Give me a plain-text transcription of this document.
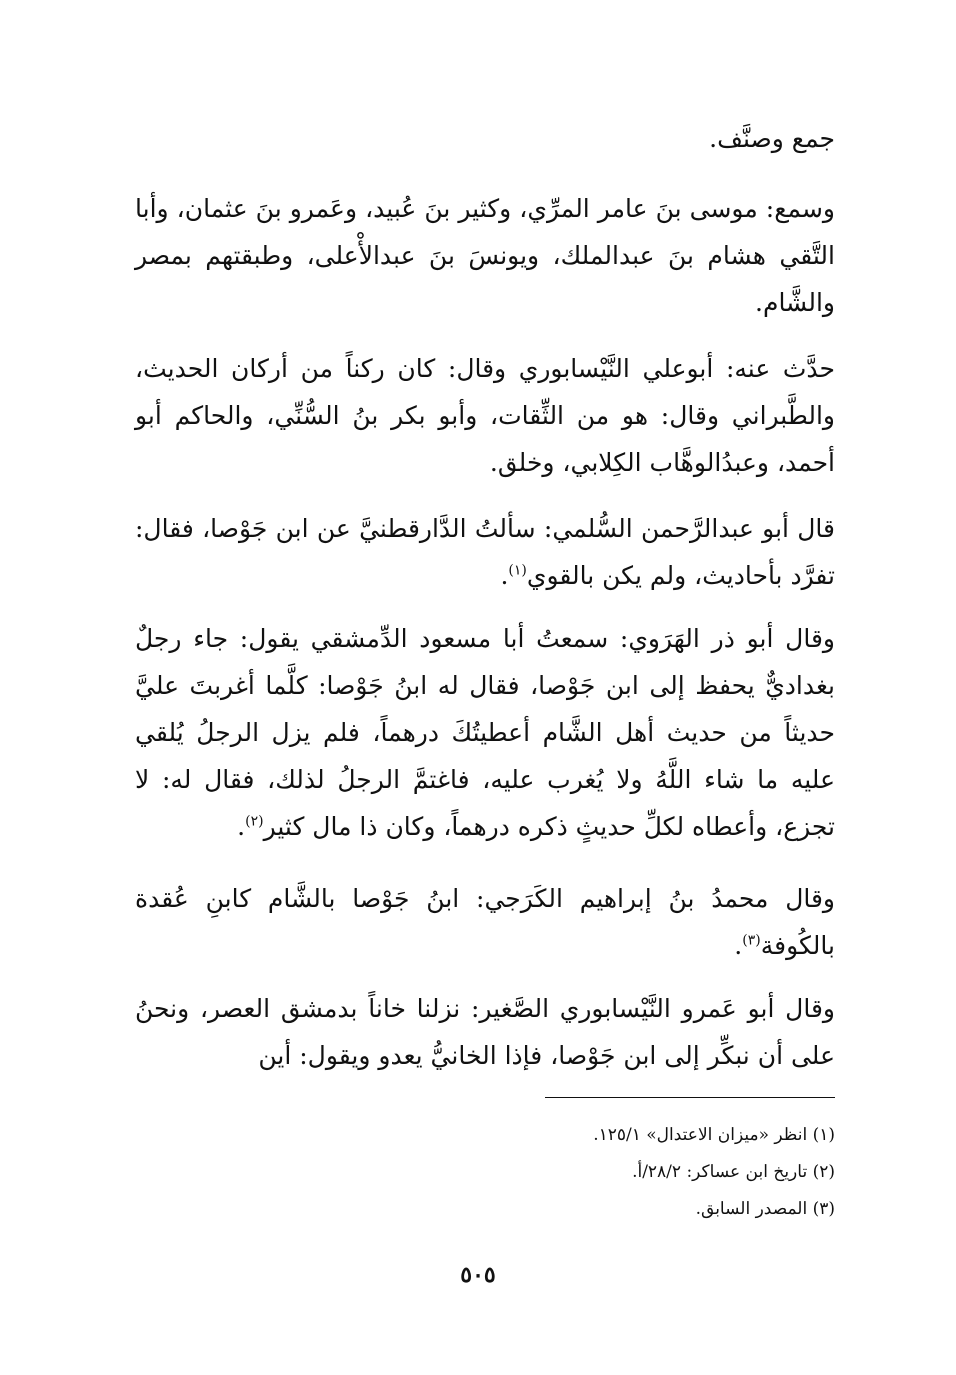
جمع وصنَّف.

وسمع: موسى بنَ عامر المرِّي، وكثير بنَ عُبيد، وعَمرو بنَ عثمان، وأبا التَّقي هشام بنَ عبدالملك، ويونسَ بنَ عبدالأْعلى، وطبقتهم بمصر والشَّام.

حدَّث عنه: أبوعلي النَّيْسابوري وقال: كان ركناً من أركان الحديث، والطَّبراني وقال: هو من الثِّقات، وأبو بكر بنُ السُّنِّي، والحاكم أبو أحمد، وعبدُالوهَّاب الكِلابي، وخلق.

قال أبو عبدالرَّحمن السُّلمي: سألتُ الدَّارقطنيَّ عن ابن جَوْصا، فقال: تفرَّد بأحاديث، ولم يكن بالقوي$^{(١)}$.

وقال أبو ذر الهَرَوي: سمعتُ أبا مسعود الدِّمشقي يقول: جاء رجلٌ بغداديٌّ يحفظ إلى ابن جَوْصا، فقال له ابنُ جَوْصا: كلَّما أغربتَ عليَّ حديثاً من حديث أهل الشَّام أعطيتُكَ درهماً، فلم يزل الرجلُ يُلقي عليه ما شاء اللَّهُ ولا يُغرب عليه، فاغتمَّ الرجلُ لذلك، فقال له: لا تجزع، وأعطاه لكلِّ حديثٍ ذكره درهماً، وكان ذا مال كثير$^{(٢)}$.

وقال محمدُ بنُ إبراهيم الكَرَجي: ابنُ جَوْصا بالشَّام كابنِ عُقدة بالكُوفة$^{(٣)}$.

وقال أبو عَمرو النَّيْسابوري الصَّغير: نزلنا خاناً بدمشق العصر، ونحنُ على أن نبكِّر إلى ابن جَوْصا، فإذا الخانيُّ يعدو ويقول: أين

(١) انظر «ميزان الاعتدال» ١٢٥/١.
(٢) تاريخ ابن عساكر: ٢٨/٢/أ.
(٣) المصدر السابق.
٥٠٥
